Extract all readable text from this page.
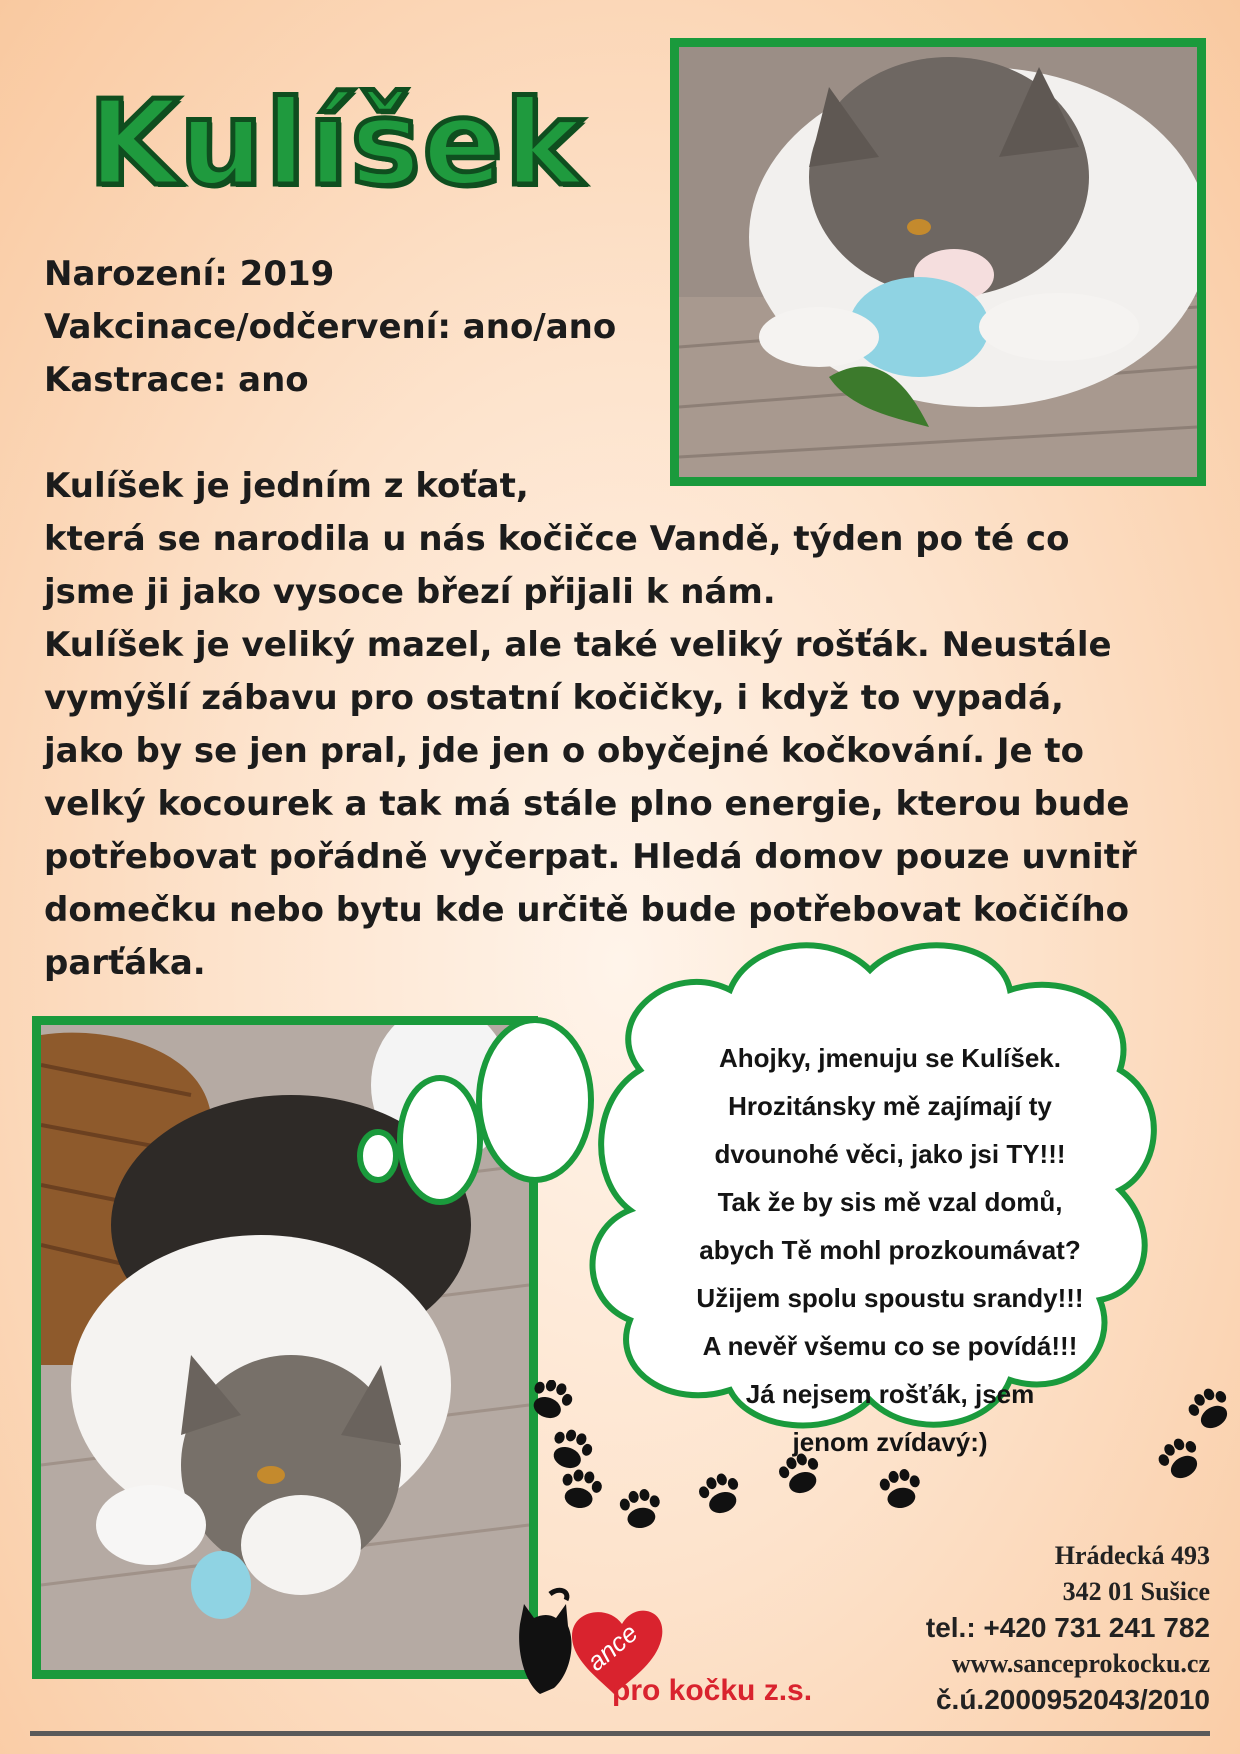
Kulíšek
Narození: 2019
Vakcinace/odčervení: ano/ano
Kastrace: ano
Kulíšek je jedním z koťat,
která se narodila u nás kočičce Vandě, týden po té co
jsme ji jako vysoce březí přijali k nám.
Kulíšek je veliký mazel, ale také veliký rošťák. Neustále
vymýšlí zábavu pro ostatní kočičky, i když to vypadá,
jako by se jen pral, jde jen o obyčejné kočkování. Je to
velký kocourek a tak má stále plno energie, kterou bude
potřebovat pořádně vyčerpat. Hledá domov pouze uvnitř
domečku nebo bytu kde určitě bude potřebovat kočičího
parťáka.
Ahojky, jmenuju se Kulíšek.
Hrozitánsky mě zajímají ty
dvounohé věci, jako jsi TY!!!
Tak že by sis mě vzal domů,
abych Tě mohl prozkoumávat?
Užijem spolu spoustu srandy!!!
A nevěř všemu co se povídá!!!
Já nejsem rošťák, jsem
jenom zvídavý:)
Hrádecká 493
342 01 Sušice
tel.: +420 731 241 782
www.sanceprokocku.cz
č.ú.2000952043/2010
ance
pro kočku z.s.
